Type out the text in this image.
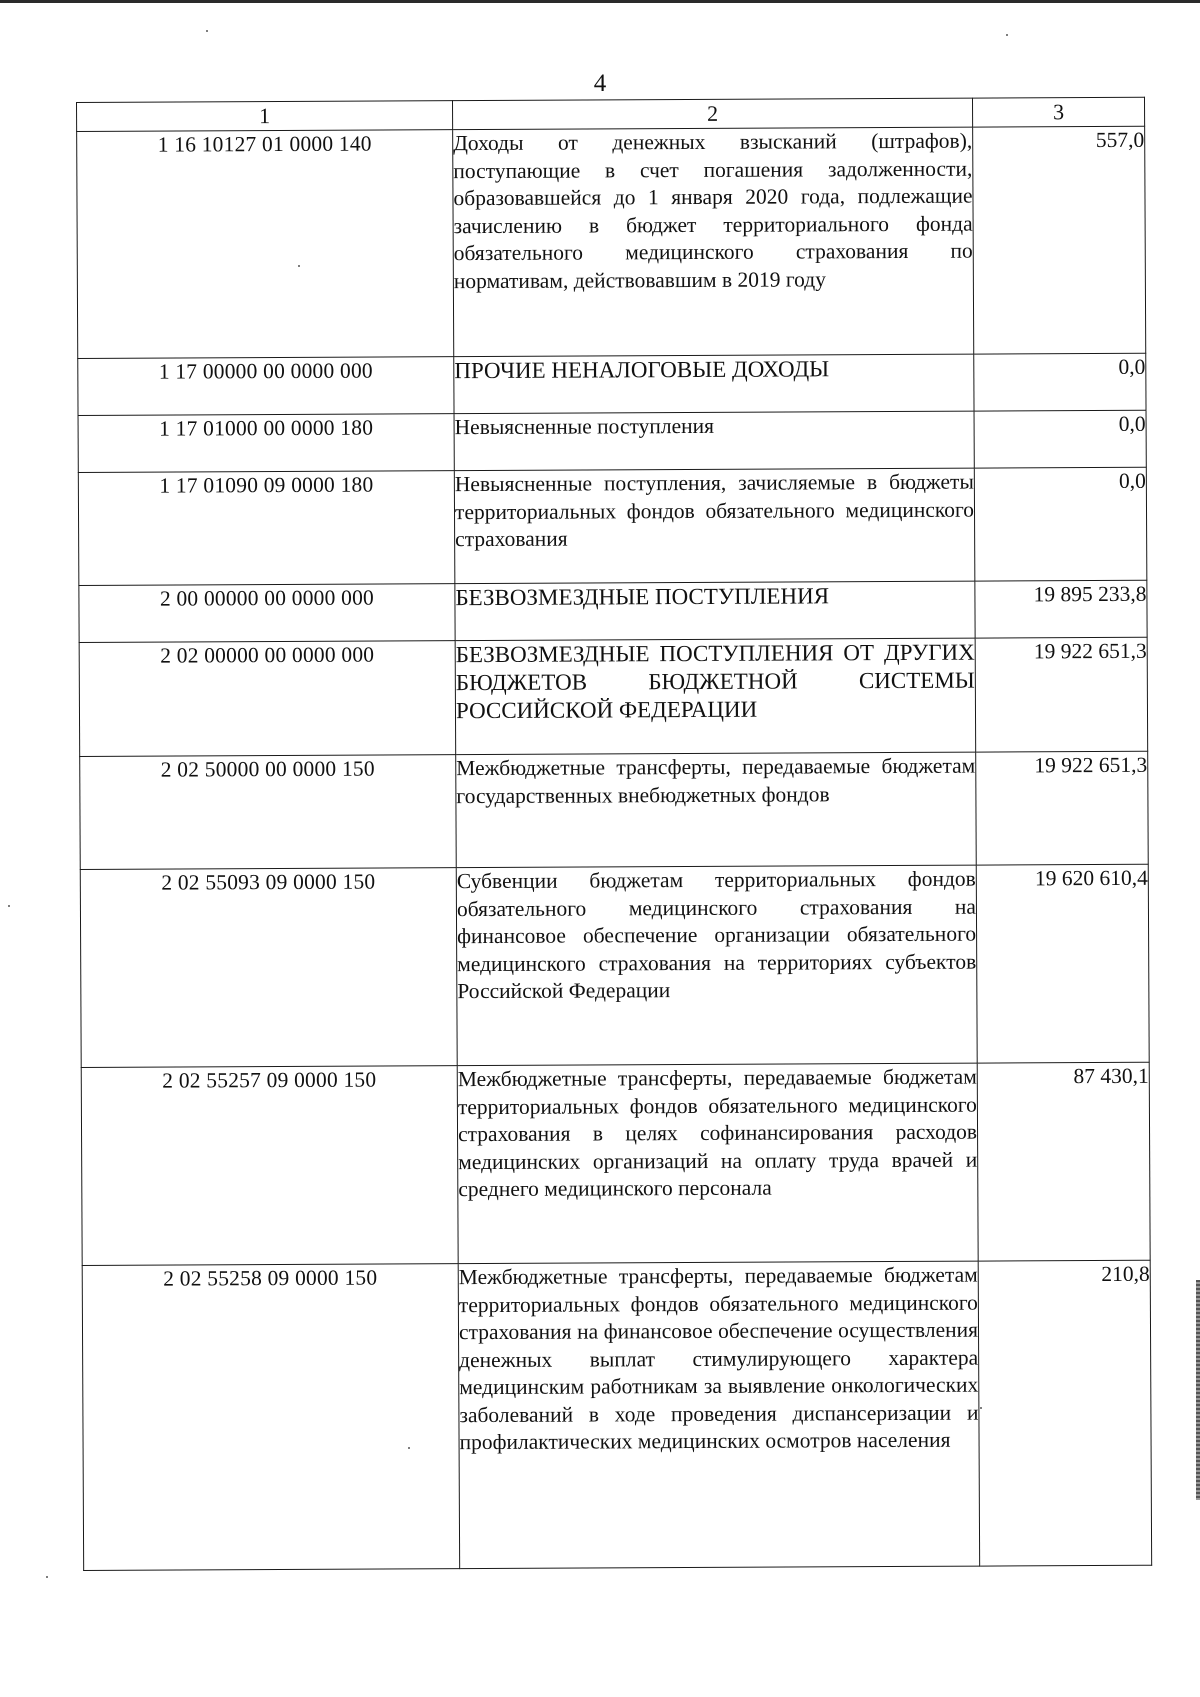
4
1	2	3
1 16 10127 01 0000 140	Доходы от денежных взысканий (штрафов), поступающие в счет погашения задолженности, образовавшейся до 1 января 2020 года, подлежащие зачислению в бюджет территориального фонда обязательного медицинского страхования по нормативам, действовавшим в 2019 году	557,0
1 17 00000 00 0000 000	ПРОЧИЕ НЕНАЛОГОВЫЕ ДОХОДЫ	0,0
1 17 01000 00 0000 180	Невыясненные поступления	0,0
1 17 01090 09 0000 180	Невыясненные поступления, зачисляемые в бюджеты территориальных фондов обязательного медицинского страхования	0,0
2 00 00000 00 0000 000	БЕЗВОЗМЕЗДНЫЕ ПОСТУПЛЕНИЯ	19 895 233,8
2 02 00000 00 0000 000	БЕЗВОЗМЕЗДНЫЕ ПОСТУПЛЕНИЯ ОТ ДРУГИХ БЮДЖЕТОВ БЮДЖЕТНОЙ СИСТЕМЫ РОССИЙСКОЙ ФЕДЕРАЦИИ	19 922 651,3
2 02 50000 00 0000 150	Межбюджетные трансферты, передаваемые бюджетам государственных внебюджетных фондов	19 922 651,3
2 02 55093 09 0000 150	Субвенции бюджетам территориальных фондов обязательного медицинского страхования на финансовое обеспечение организации обязательного медицинского страхования на территориях субъектов Российской Федерации	19 620 610,4
2 02 55257 09 0000 150	Межбюджетные трансферты, передаваемые бюджетам территориальных фондов обязательного медицинского страхования в целях софинансирования расходов медицинских организаций на оплату труда врачей и среднего медицинского персонала	87 430,1
2 02 55258 09 0000 150	Межбюджетные трансферты, передаваемые бюджетам территориальных фондов обязательного медицинского страхования на финансовое обеспечение осуществления денежных выплат стимулирующего характера медицинским работникам за выявление онкологических заболеваний в ходе проведения диспансеризации и профилактических медицинских осмотров населения	210,8
